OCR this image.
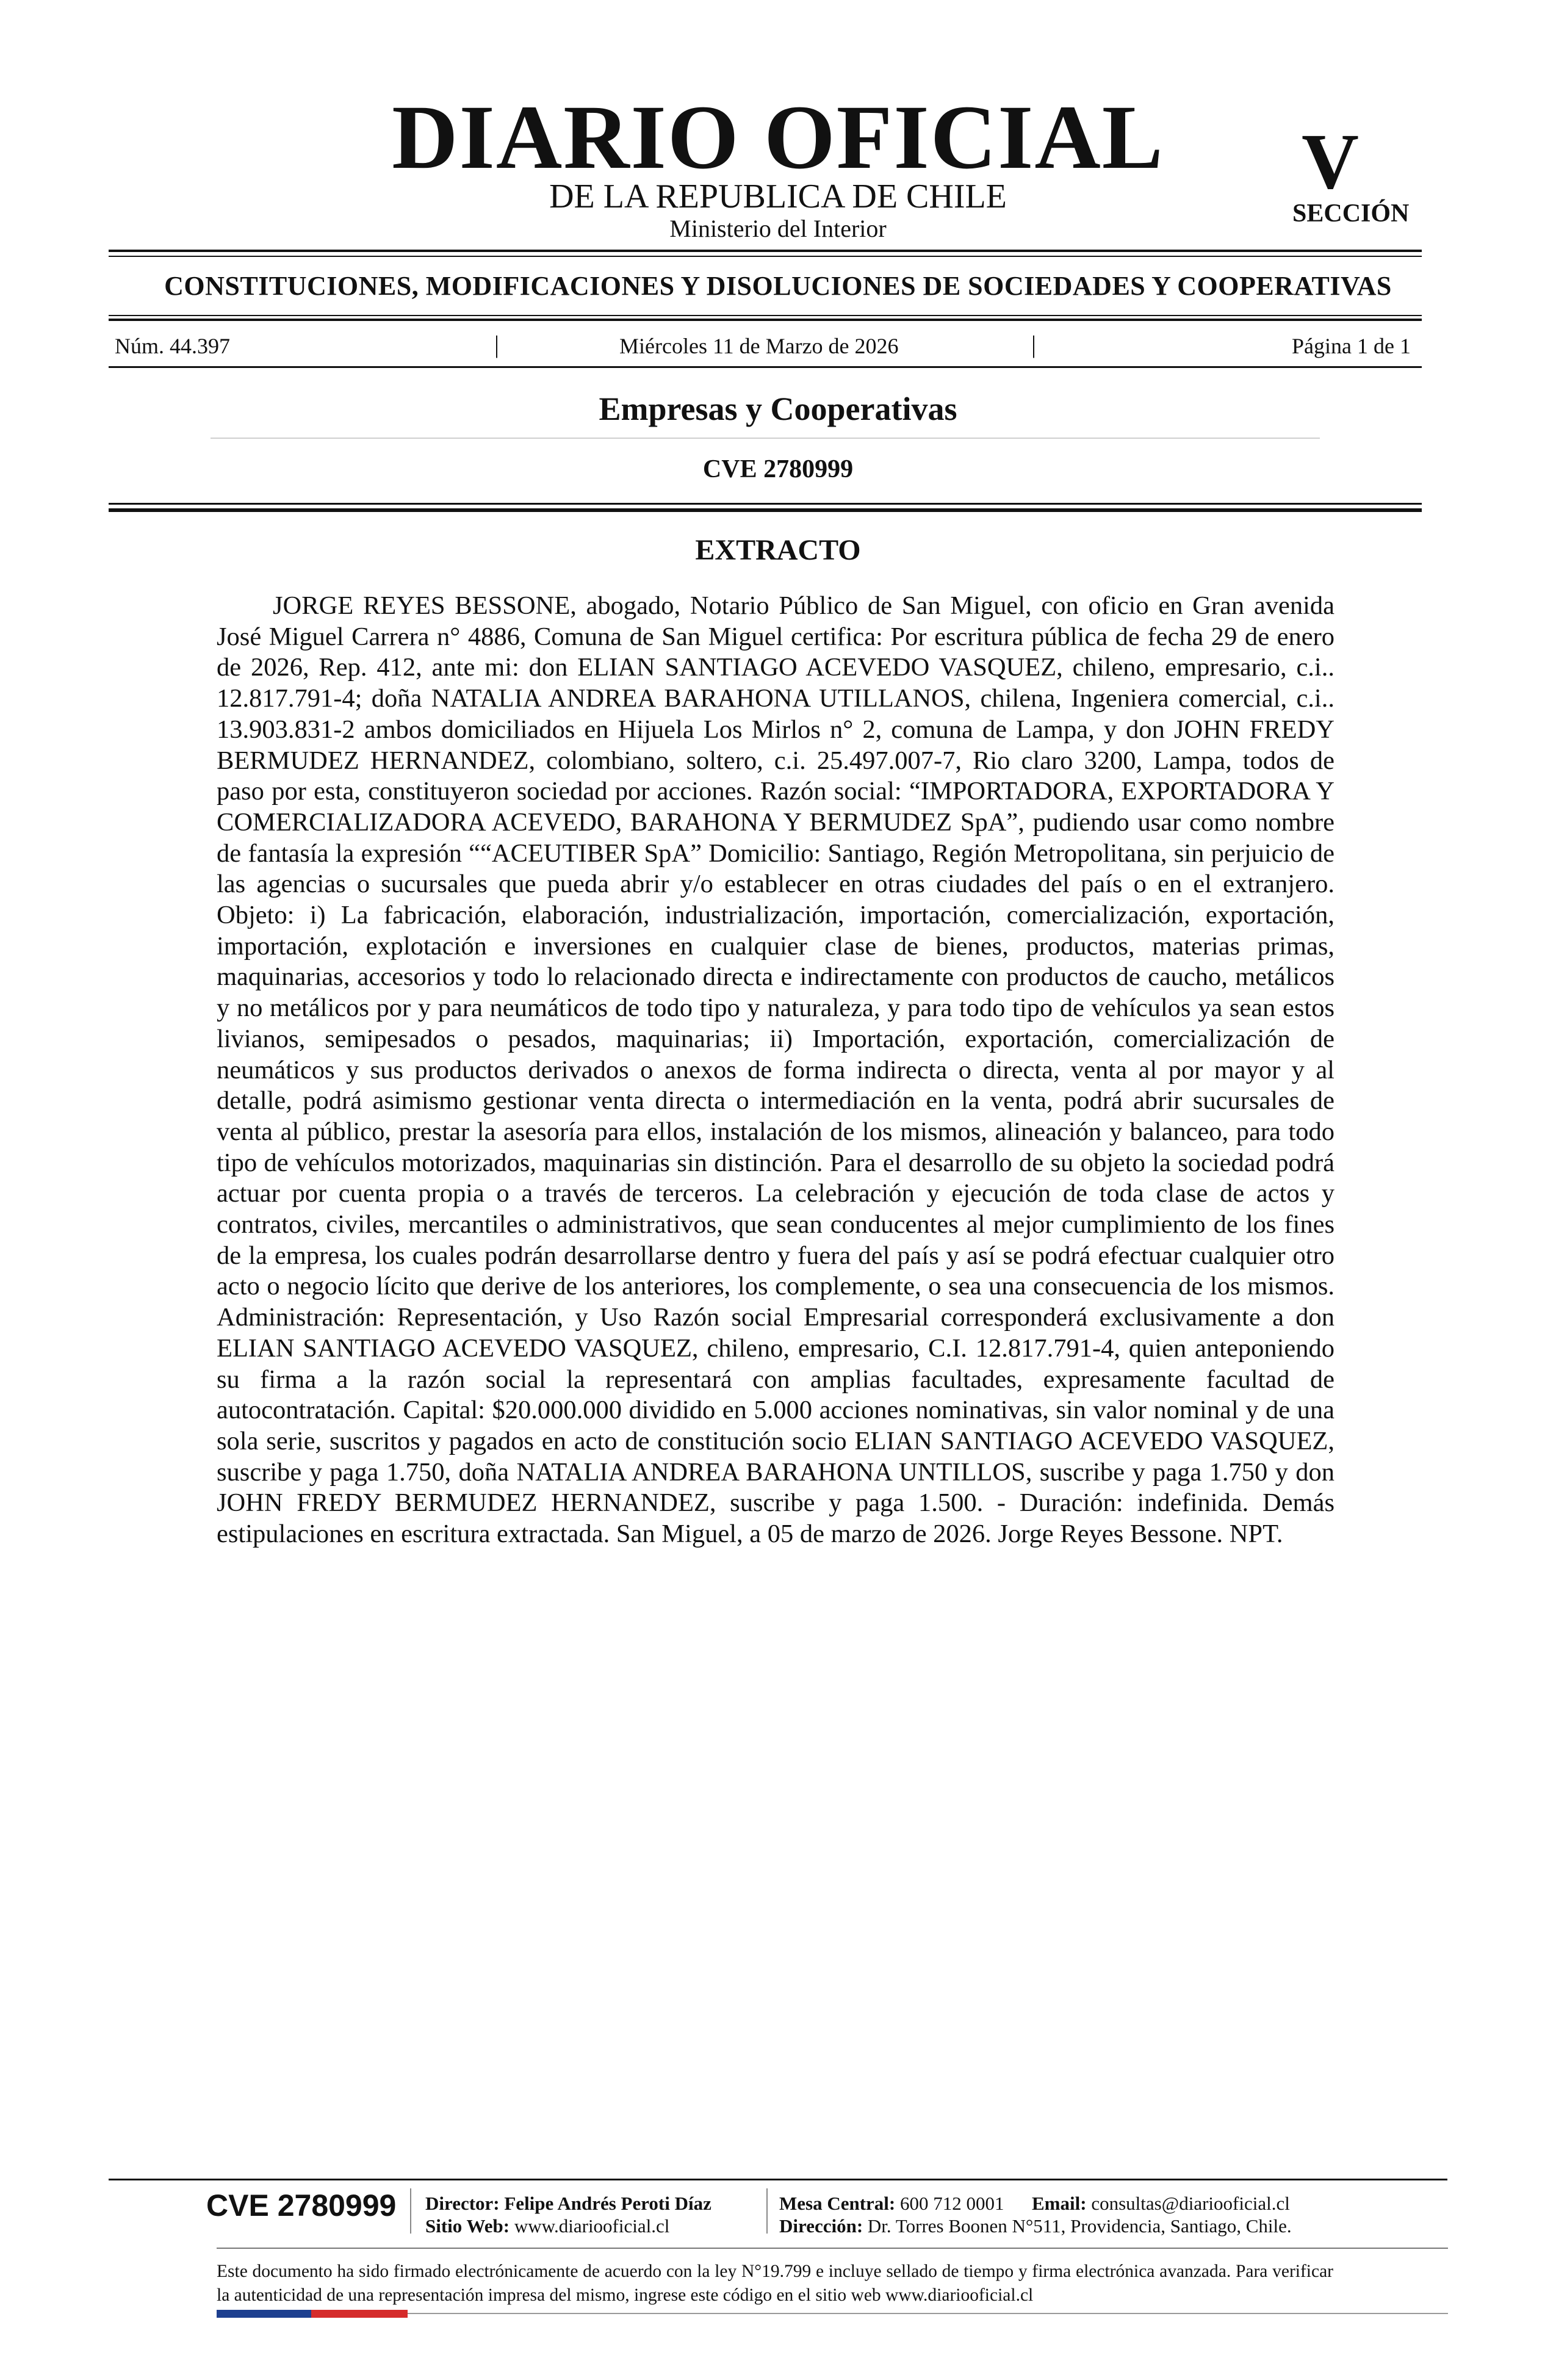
DIARIO OFICIAL
DE LA REPUBLICA DE CHILE
Ministerio del Interior
V
SECCIÓN
CONSTITUCIONES, MODIFICACIONES Y DISOLUCIONES DE SOCIEDADES Y COOPERATIVAS
Núm. 44.397	|	Miércoles 11 de Marzo de 2026	|	Página 1 de 1
Empresas y Cooperativas
CVE 2780999
EXTRACTO
JORGE REYES BESSONE, abogado, Notario Público de San Miguel, con oficio en Gran avenida José Miguel Carrera n° 4886, Comuna de San Miguel certifica: Por escritura pública de fecha 29 de enero de 2026, Rep. 412, ante mi: don ELIAN SANTIAGO ACEVEDO VASQUEZ, chileno, empresario, c.i.. 12.817.791-4; doña NATALIA ANDREA BARAHONA UTILLANOS, chilena, Ingeniera comercial, c.i.. 13.903.831-2 ambos domiciliados en Hijuela Los Mirlos n° 2, comuna de Lampa, y don JOHN FREDY BERMUDEZ HERNANDEZ, colombiano, soltero, c.i. 25.497.007-7, Rio claro 3200, Lampa, todos de paso por esta, constituyeron sociedad por acciones. Razón social: “IMPORTADORA, EXPORTADORA Y COMERCIALIZADORA ACEVEDO, BARAHONA Y BERMUDEZ SpA”, pudiendo usar como nombre de fantasía la expresión ““ACEUTIBER SpA” Domicilio: Santiago, Región Metropolitana, sin perjuicio de las agencias o sucursales que pueda abrir y/o establecer en otras ciudades del país o en el extranjero. Objeto: i) La fabricación, elaboración, industrialización, importación, comercialización, exportación, importación, explotación e inversiones en cualquier clase de bienes, productos, materias primas, maquinarias, accesorios y todo lo relacionado directa e indirectamente con productos de caucho, metálicos y no metálicos por y para neumáticos de todo tipo y naturaleza, y para todo tipo de vehículos ya sean estos livianos, semipesados o pesados, maquinarias; ii) Importación, exportación, comercialización de neumáticos y sus productos derivados o anexos de forma indirecta o directa, venta al por mayor y al detalle, podrá asimismo gestionar venta directa o intermediación en la venta, podrá abrir sucursales de venta al público, prestar la asesoría para ellos, instalación de los mismos, alineación y balanceo, para todo tipo de vehículos motorizados, maquinarias sin distinción. Para el desarrollo de su objeto la sociedad podrá actuar por cuenta propia o a través de terceros. La celebración y ejecución de toda clase de actos y contratos, civiles, mercantiles o administrativos, que sean conducentes al mejor cumplimiento de los fines de la empresa, los cuales podrán desarrollarse dentro y fuera del país y así se podrá efectuar cualquier otro acto o negocio lícito que derive de los anteriores, los complemente, o sea una consecuencia de los mismos. Administración: Representación, y Uso Razón social Empresarial corresponderá exclusivamente a don ELIAN SANTIAGO ACEVEDO VASQUEZ, chileno, empresario, C.I. 12.817.791-4, quien anteponiendo su firma a la razón social la representará con amplias facultades, expresamente facultad de autocontratación. Capital: $20.000.000 dividido en 5.000 acciones nominativas, sin valor nominal y de una sola serie, suscritos y pagados en acto de constitución socio ELIAN SANTIAGO ACEVEDO VASQUEZ, suscribe y paga 1.750, doña NATALIA ANDREA BARAHONA UNTILLOS, suscribe y paga 1.750 y don JOHN FREDY BERMUDEZ HERNANDEZ, suscribe y paga 1.500. - Duración: indefinida. Demás estipulaciones en escritura extractada. San Miguel, a 05 de marzo de 2026. Jorge Reyes Bessone. NPT.
CVE 2780999 Director: Felipe Andrés Peroti Díaz
Sitio Web: www.diariooficial.cl
Mesa Central: 600 712 0001 Email: consultas@diariooficial.cl
Dirección: Dr. Torres Boonen N°511, Providencia, Santiago, Chile.
Este documento ha sido firmado electrónicamente de acuerdo con la ley N°19.799 e incluye sellado de tiempo y firma electrónica avanzada. Para verificar la autenticidad de una representación impresa del mismo, ingrese este código en el sitio web www.diariooficial.cl
